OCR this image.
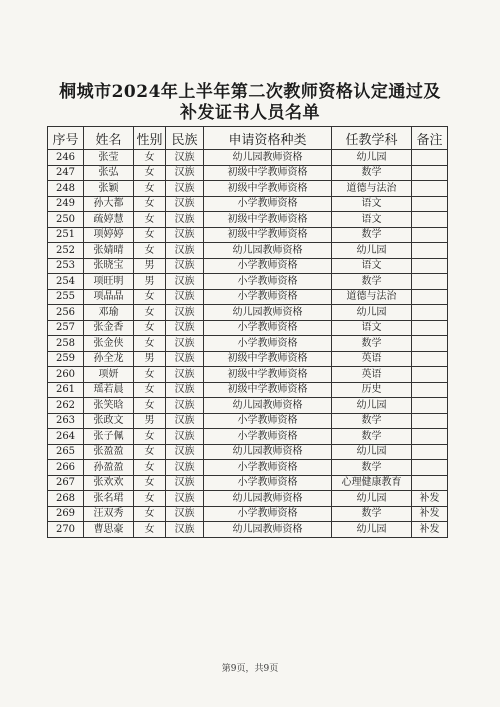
桐城市2024年上半年第二次教师资格认定通过及
补发证书人员名单
序号	姓名	性别	民族	申请资格种类	任教学科	备注
246	张莹	女	汉族	幼儿园教师资格	幼儿园	
247	张弘	女	汉族	初级中学教师资格	数学	
248	张颖	女	汉族	初级中学教师资格	道德与法治	
249	孙大都	女	汉族	小学教师资格	语文	
250	疏婷慧	女	汉族	初级中学教师资格	语文	
251	项婷婷	女	汉族	初级中学教师资格	数学	
252	张婧晴	女	汉族	幼儿园教师资格	幼儿园	
253	张晓宝	男	汉族	小学教师资格	语文	
254	项旺明	男	汉族	小学教师资格	数学	
255	项晶晶	女	汉族	小学教师资格	道德与法治	
256	邓瑜	女	汉族	幼儿园教师资格	幼儿园	
257	张金香	女	汉族	小学教师资格	语文	
258	张金侠	女	汉族	小学教师资格	数学	
259	孙全龙	男	汉族	初级中学教师资格	英语	
260	项妍	女	汉族	初级中学教师资格	英语	
261	瑶若晨	女	汉族	初级中学教师资格	历史	
262	张笑晗	女	汉族	幼儿园教师资格	幼儿园	
263	张政文	男	汉族	小学教师资格	数学	
264	张子佩	女	汉族	小学教师资格	数学	
265	张盈盈	女	汉族	幼儿园教师资格	幼儿园	
266	孙盈盈	女	汉族	小学教师资格	数学	
267	张欢欢	女	汉族	小学教师资格	心理健康教育	
268	张名珺	女	汉族	幼儿园教师资格	幼儿园	补发
269	汪双秀	女	汉族	小学教师资格	数学	补发
270	曹思豪	女	汉族	幼儿园教师资格	幼儿园	补发
第9页，共9页
